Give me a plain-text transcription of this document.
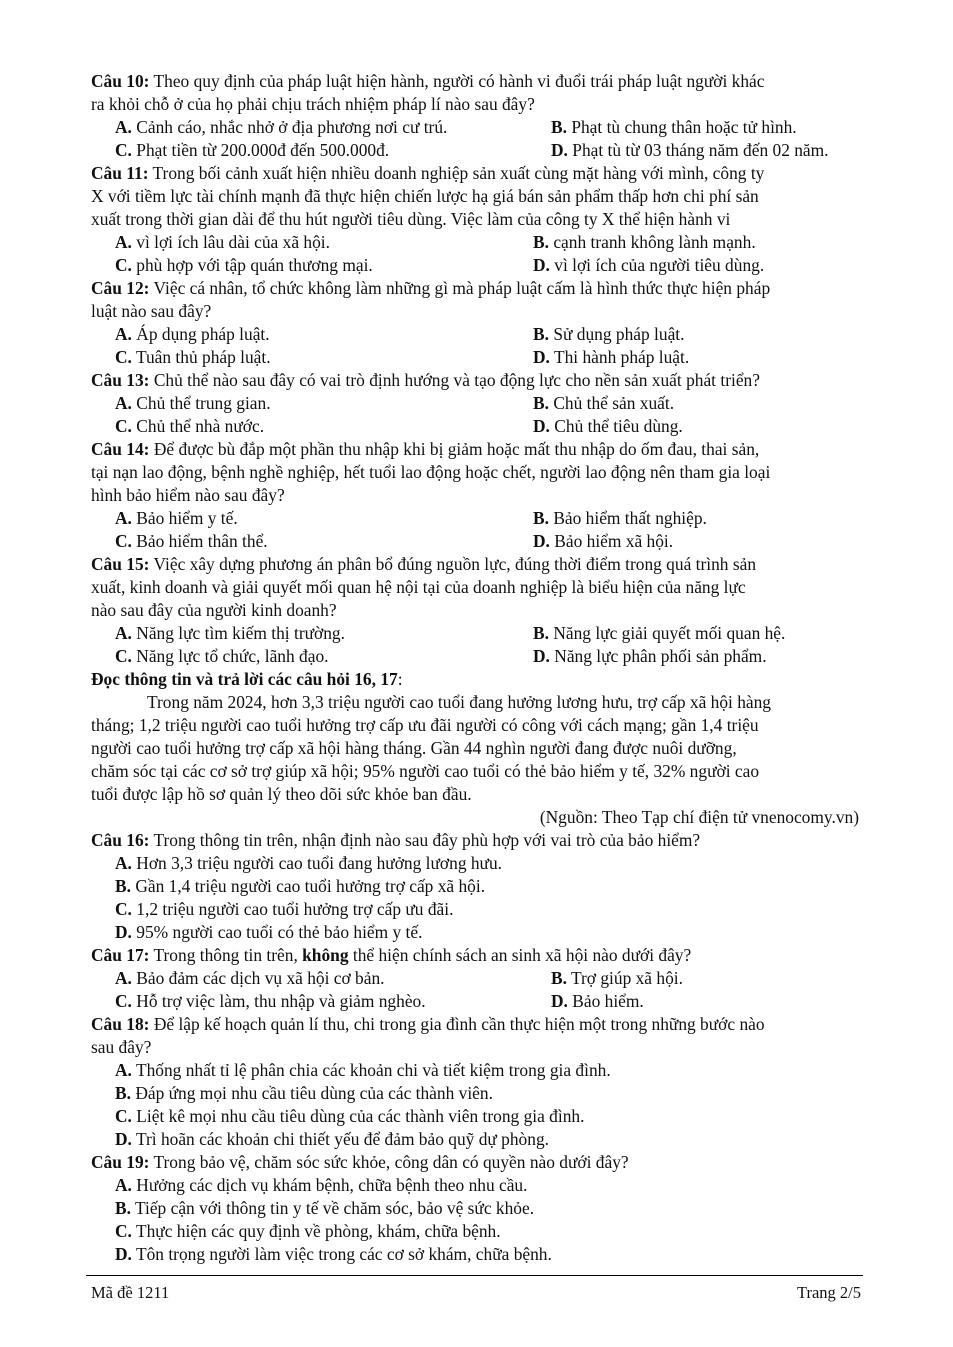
Câu 10: Theo quy định của pháp luật hiện hành, người có hành vi đuổi trái pháp luật người khác
ra khỏi chỗ ở của họ phải chịu trách nhiệm pháp lí nào sau đây?
A. Cảnh cáo, nhắc nhở ở địa phương nơi cư trú.	B. Phạt tù chung thân hoặc tử hình.
C. Phạt tiền từ 200.000đ đến 500.000đ.	D. Phạt tù từ 03 tháng năm đến 02 năm.
Câu 11: Trong bối cảnh xuất hiện nhiều doanh nghiệp sản xuất cùng mặt hàng với mình, công ty
X với tiềm lực tài chính mạnh đã thực hiện chiến lược hạ giá bán sản phẩm thấp hơn chi phí sản
xuất trong thời gian dài để thu hút người tiêu dùng. Việc làm của công ty X thể hiện hành vi
A. vì lợi ích lâu dài của xã hội.	B. cạnh tranh không lành mạnh.
C. phù hợp với tập quán thương mại.	D. vì lợi ích của người tiêu dùng.
Câu 12: Việc cá nhân, tổ chức không làm những gì mà pháp luật cấm là hình thức thực hiện pháp
luật nào sau đây?
A. Áp dụng pháp luật.	B. Sử dụng pháp luật.
C. Tuân thủ pháp luật.	D. Thi hành pháp luật.
Câu 13: Chủ thể nào sau đây có vai trò định hướng và tạo động lực cho nền sản xuất phát triển?
A. Chủ thể trung gian.	B. Chủ thể sản xuất.
C. Chủ thể nhà nước.	D. Chủ thể tiêu dùng.
Câu 14: Để được bù đắp một phần thu nhập khi bị giảm hoặc mất thu nhập do ốm đau, thai sản,
tại nạn lao động, bệnh nghề nghiệp, hết tuổi lao động hoặc chết, người lao động nên tham gia loại
hình bảo hiểm nào sau đây?
A. Bảo hiểm y tế.	B. Bảo hiểm thất nghiệp.
C. Bảo hiểm thân thể.	D. Bảo hiểm xã hội.
Câu 15: Việc xây dựng phương án phân bổ đúng nguồn lực, đúng thời điểm trong quá trình sản
xuất, kinh doanh và giải quyết mối quan hệ nội tại của doanh nghiệp là biểu hiện của năng lực
nào sau đây của người kinh doanh?
A. Năng lực tìm kiếm thị trường.	B. Năng lực giải quyết mối quan hệ.
C. Năng lực tổ chức, lãnh đạo.	D. Năng lực phân phối sản phẩm.
Đọc thông tin và trả lời các câu hỏi 16, 17:
Trong năm 2024, hơn 3,3 triệu người cao tuổi đang hưởng lương hưu, trợ cấp xã hội hàng
tháng; 1,2 triệu người cao tuổi hưởng trợ cấp ưu đãi người có công với cách mạng; gần 1,4 triệu
người cao tuổi hưởng trợ cấp xã hội hàng tháng. Gần 44 nghìn người đang được nuôi dưỡng,
chăm sóc tại các cơ sở trợ giúp xã hội; 95% người cao tuổi có thẻ bảo hiểm y tế, 32% người cao
tuổi được lập hồ sơ quản lý theo dõi sức khỏe ban đầu.
(Nguồn: Theo Tạp chí điện tử vnenocomy.vn)
Câu 16: Trong thông tin trên, nhận định nào sau đây phù hợp với vai trò của bảo hiểm?
A. Hơn 3,3 triệu người cao tuổi đang hưởng lương hưu.
B. Gần 1,4 triệu người cao tuổi hưởng trợ cấp xã hội.
C. 1,2 triệu người cao tuổi hưởng trợ cấp ưu đãi.
D. 95% người cao tuổi có thẻ bảo hiểm y tế.
Câu 17: Trong thông tin trên, không thể hiện chính sách an sinh xã hội nào dưới đây?
A. Bảo đảm các dịch vụ xã hội cơ bản.	B. Trợ giúp xã hội.
C. Hỗ trợ việc làm, thu nhập và giảm nghèo.	D. Bảo hiểm.
Câu 18: Để lập kế hoạch quản lí thu, chi trong gia đình cần thực hiện một trong những bước nào
sau đây?
A. Thống nhất tỉ lệ phân chia các khoản chi và tiết kiệm trong gia đình.
B. Đáp ứng mọi nhu cầu tiêu dùng của các thành viên.
C. Liệt kê mọi nhu cầu tiêu dùng của các thành viên trong gia đình.
D. Trì hoãn các khoản chi thiết yếu để đảm bảo quỹ dự phòng.
Câu 19: Trong bảo vệ, chăm sóc sức khỏe, công dân có quyền nào dưới đây?
A. Hưởng các dịch vụ khám bệnh, chữa bệnh theo nhu cầu.
B. Tiếp cận với thông tin y tế về chăm sóc, bảo vệ sức khỏe.
C. Thực hiện các quy định về phòng, khám, chữa bệnh.
D. Tôn trọng người làm việc trong các cơ sở khám, chữa bệnh.
Mã đề 1211	Trang 2/5
